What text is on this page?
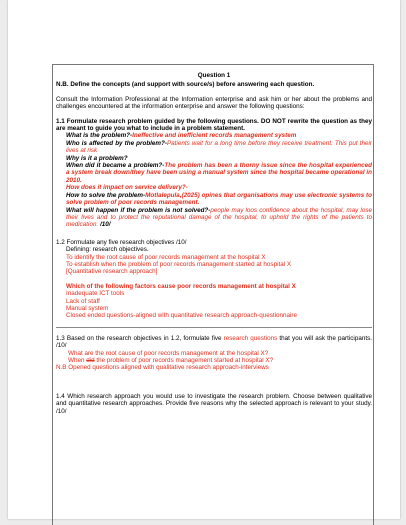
Question 1

N.B. Define the concepts (and support with source/s) before answering each question.

Consult the Information Professional at the Information enterprise and ask him or her about the problems and challenges encountered at the information enterprise and answer the following questions:

1.1 Formulate research problem guided by the following questions. DO NOT rewrite the question as they are meant to guide you what to include in a problem statement.

What is the problem?-Ineffective and inefficient records management system

Who is affected by the problem?-Patients wait for a long time before they receive treatment. This put their lives at risk

Why is it a problem?

When did it became a problem?-The problem has been a thorny issue since the hospital experienced a system break down/they have been using a manual system since the hospital became operational in 2010.

How does it impact on service delivery?-

How to solve the problem-Motlalepula,(2025) opines that organisations may use electronic systems to solve problem of poor records management.

What will happen if the problem is not solved?-people may loos confidence about the hospital, may lose their lives and to protect the reputational damage of the hospital, to uphold the rights of the patients to medication. /10/

1.2 Formulate any five research objectives /10/

Defining: research objectives.

To identify the root cause of poor records management at the hospital X

To establish when the problem of poor records management started at hospital X

[Quantitative research approach]

Which of the following factors cause poor records management at hospital X

Inadequate ICT tools

Lack of staff

Manual system

Closed ended questions-aligned with quantitative research approach-questionnaire

1.3 Based on the research objectives in 1.2, formulate five research questions that you will ask the participants. /10/

What are the root cause of poor records management at the hospital X?

When did the problem of poor records management started at hospital X?

N.B Opened questions aligned with qualitative research approach-interviews

1.4 Which research approach you would use to investigate the research problem. Choose between qualitative and quantitative research approaches. Provide five reasons why the selected approach is relevant to your study. /10/
